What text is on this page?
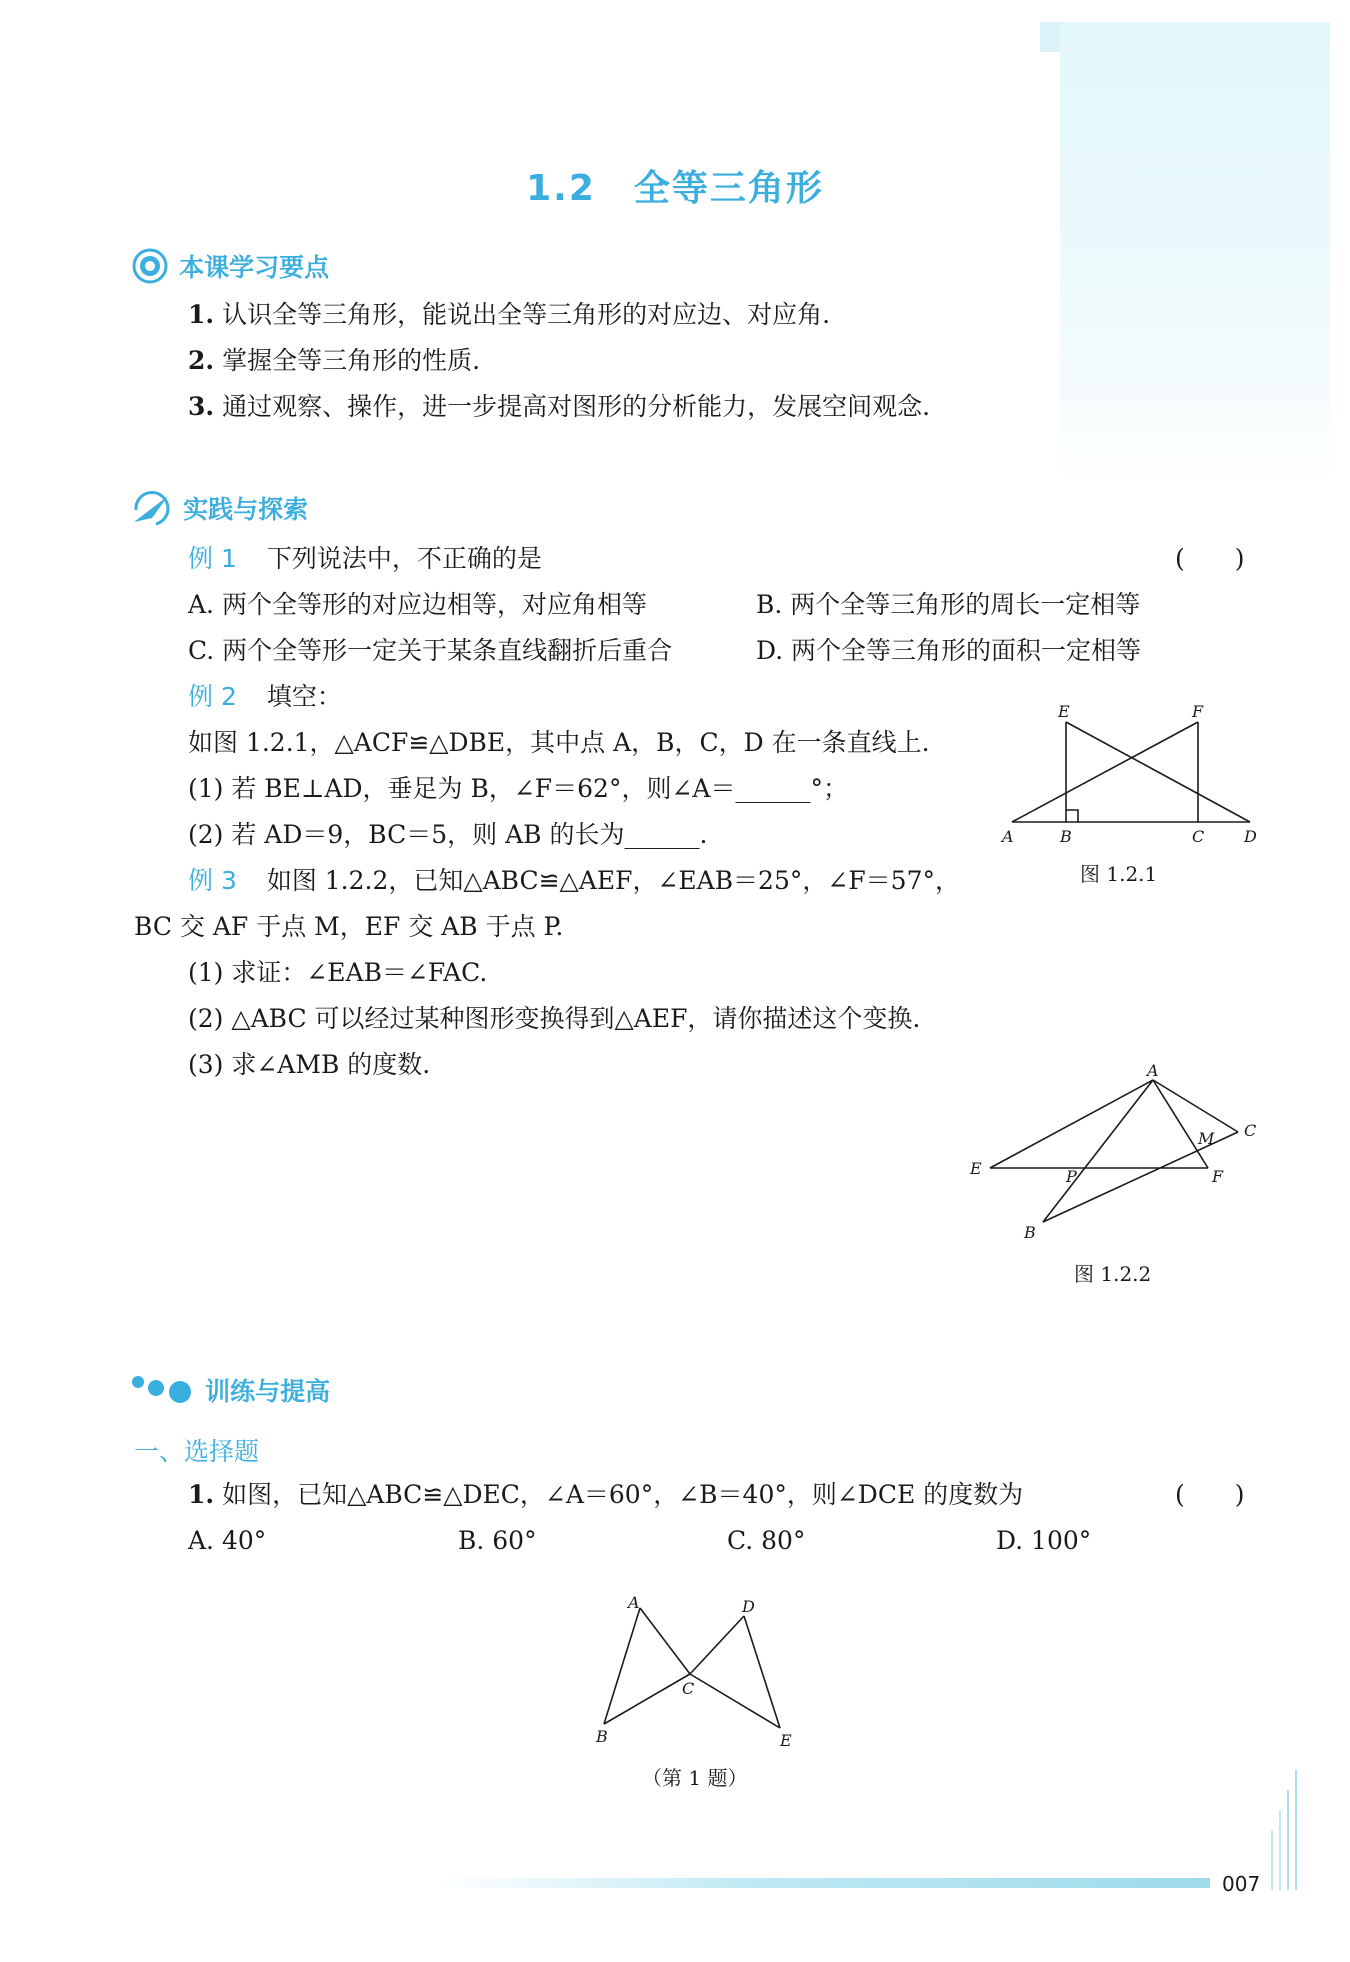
1.2　全等三角形
本课学习要点
1. 认识全等三角形，能说出全等三角形的对应边、对应角.
2. 掌握全等三角形的性质.
3. 通过观察、操作，进一步提高对图形的分析能力，发展空间观念.
实践与探索
例 1 下列说法中，不正确的是	(　　)
A. 两个全等形的对应边相等，对应角相等	B. 两个全等三角形的周长一定相等
C. 两个全等形一定关于某条直线翻折后重合	D. 两个全等三角形的面积一定相等
例 2 填空：
如图 1.2.1，△ACF≌△DBE，其中点 A，B，C，D 在一条直线上.
(1) 若 BE⊥AD，垂足为 B，∠F＝62°，则∠A＝______°；
(2) 若 AD＝9，BC＝5，则 AB 的长为______.
E	F
A	B	C D
图 1.2.1
例 3 如图 1.2.2，已知△ABC≌△AEF，∠EAB＝25°，∠F＝57°，
BC 交 AF 于点 M，EF 交 AB 于点 P.
(1) 求证：∠EAB＝∠FAC.
(2) △ABC 可以经过某种图形变换得到△AEF，请你描述这个变换.
(3) 求∠AMB 的度数.	A
C
M
E	P	F
B
图 1.2.2
训练与提高
一、选择题
1. 如图，已知△ABC≌△DEC，∠A＝60°，∠B＝40°，则∠DCE 的度数为	(　　)
A. 40°	B. 60°	C. 80°	D. 100°
A	D
C
B	E
（第 1 题）
007
